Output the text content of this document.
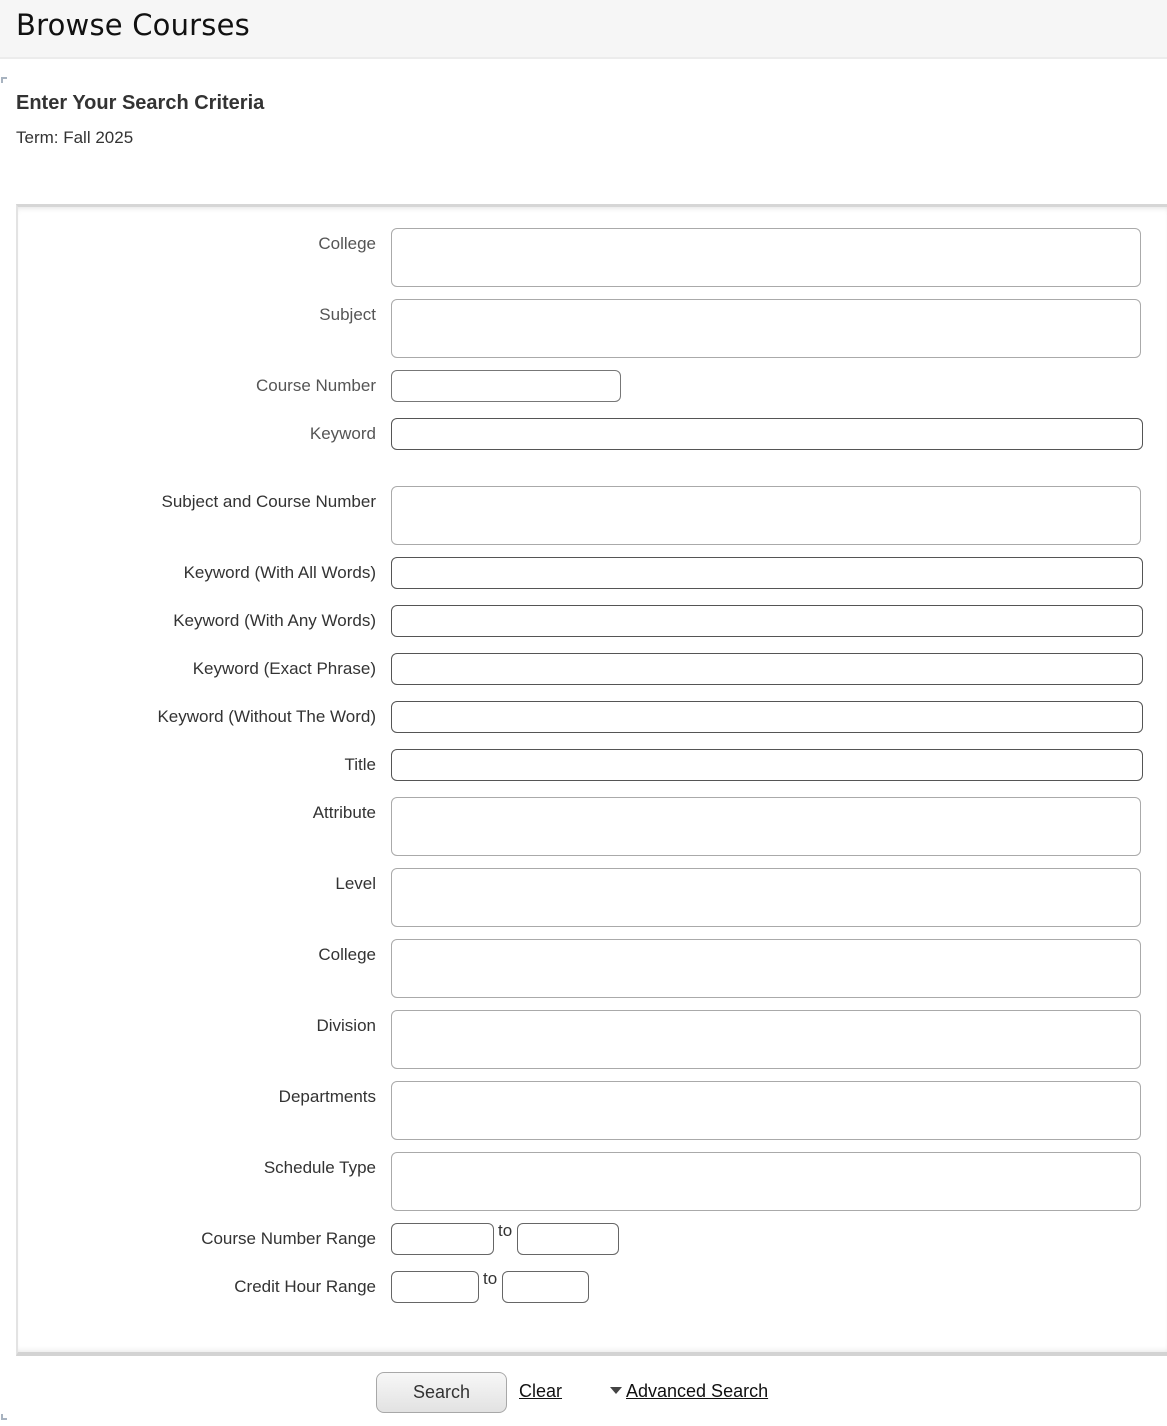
Browse Courses
Enter Your Search Criteria
Term: Fall 2025
College
Subject
Course Number
Keyword
Subject and Course Number
Keyword (With All Words)
Keyword (With Any Words)
Keyword (Exact Phrase)
Keyword (Without The Word)
Title
Attribute
Level
College
Division
Departments
Schedule Type
Course Number Range	to
Credit Hour Range	to
Search	Clear	Advanced Search
